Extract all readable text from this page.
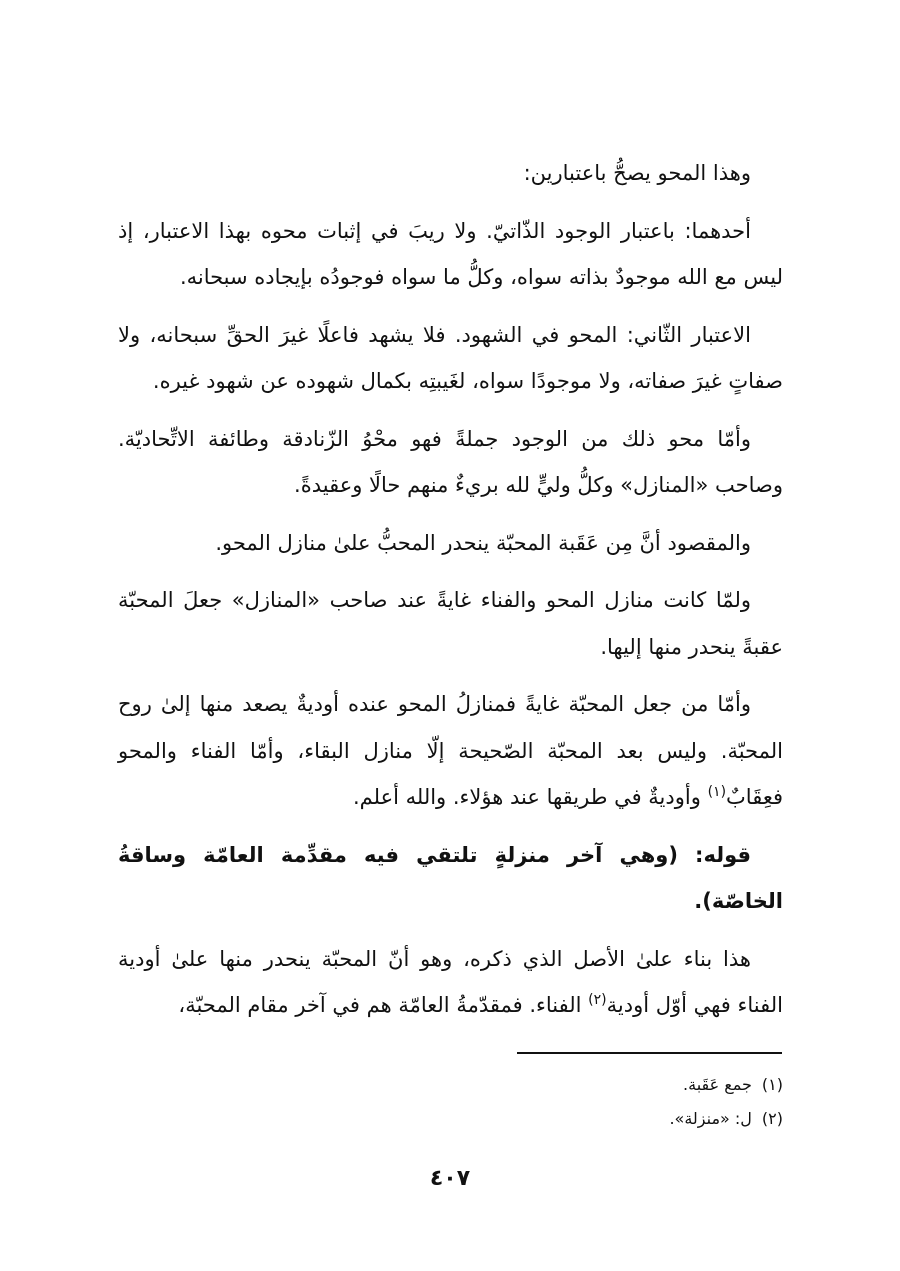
وهذا المحو يصحُّ باعتبارين:

أحدهما: باعتبار الوجود الذّاتيّ. ولا ريبَ في إثبات محوه بهذا الاعتبار، إذ ليس مع الله موجودٌ بذاته سواه، وكلُّ ما سواه فوجودُه بإيجاده سبحانه.

الاعتبار الثّاني: المحو في الشهود. فلا يشهد فاعلًا غيرَ الحقِّ سبحانه، ولا صفاتٍ غيرَ صفاته، ولا موجودًا سواه، لغَيبتِه بكمال شهوده عن شهود غيره.

وأمّا محو ذلك من الوجود جملةً فهو محْوُ الزّنادقة وطائفة الاتِّحاديّة. وصاحب «المنازل» وكلُّ وليٍّ لله بريءٌ منهم حالًا وعقيدةً.

والمقصود أنَّ مِن عَقَبة المحبّة ينحدر المحبُّ علىٰ منازل المحو.

ولمّا كانت منازل المحو والفناء غايةً عند صاحب «المنازل» جعلَ المحبّة عقبةً ينحدر منها إليها.

وأمّا من جعل المحبّة غايةً فمنازلُ المحو عنده أوديةٌ يصعد منها إلىٰ روح المحبّة. وليس بعد المحبّة الصّحيحة إلّا منازل البقاء، وأمّا الفناء والمحو فعِقَابٌ$^{(١)}$ وأوديةٌ في طريقها عند هؤلاء. والله أعلم.

قوله: (وهي آخر منزلةٍ تلتقي فيه مقدِّمة العامّة وساقةُ الخاصّة).

هذا بناء علىٰ الأصل الذي ذكره، وهو أنّ المحبّة ينحدر منها علىٰ أودية الفناء فهي أوّل أودية$^{(٢)}$ الفناء. فمقدّمةُ العامّة هم في آخر مقام المحبّة،

(١)جمع عَقَبة.

(٢)ل: «منزلة».

٤٠٧
